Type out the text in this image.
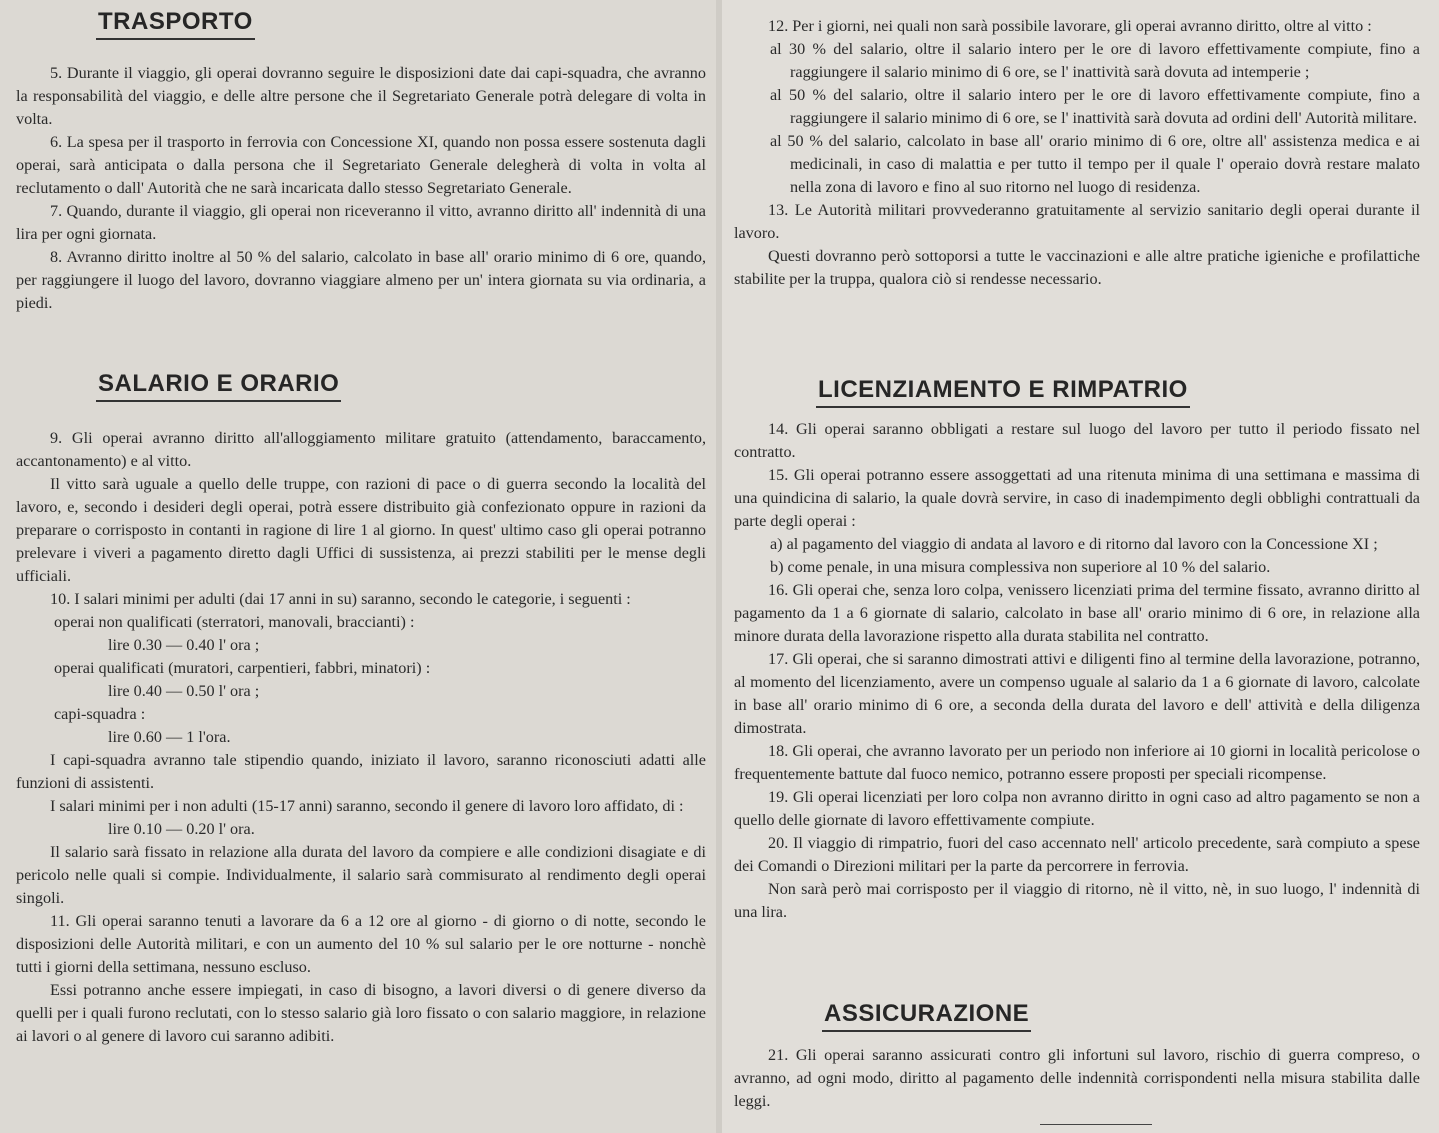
TRASPORTO

5. Durante il viaggio, gli operai dovranno seguire le disposizioni date dai capi-squadra, che avranno la responsabilità del viaggio, e delle altre persone che il Segretariato Generale potrà delegare di volta in volta.

6. La spesa per il trasporto in ferrovia con Concessione XI, quando non possa essere sostenuta dagli operai, sarà anticipata o dalla persona che il Segretariato Generale delegherà di volta in volta al reclutamento o dall' Autorità che ne sarà incaricata dallo stesso Segretariato Generale.

7. Quando, durante il viaggio, gli operai non riceveranno il vitto, avranno diritto all' indennità di una lira per ogni giornata.

8. Avranno diritto inoltre al 50 % del salario, calcolato in base all' orario minimo di 6 ore, quando, per raggiungere il luogo del lavoro, dovranno viaggiare almeno per un' intera giornata su via ordinaria, a piedi.

SALARIO E ORARIO

9. Gli operai avranno diritto all'alloggiamento militare gratuito (attendamento, baraccamento, accantonamento) e al vitto.

Il vitto sarà uguale a quello delle truppe, con razioni di pace o di guerra secondo la località del lavoro, e, secondo i desideri degli operai, potrà essere distribuito già confezionato oppure in razioni da preparare o corrisposto in contanti in ragione di lire 1 al giorno. In quest' ultimo caso gli operai potranno prelevare i viveri a pagamento diretto dagli Uffici di sussistenza, ai prezzi stabiliti per le mense degli ufficiali.

10. I salari minimi per adulti (dai 17 anni in su) saranno, secondo le categorie, i seguenti :

operai non qualificati (sterratori, manovali, braccianti) :

lire 0.30 — 0.40 l' ora ;

operai qualificati (muratori, carpentieri, fabbri, minatori) :

lire 0.40 — 0.50 l' ora ;

capi-squadra :

lire 0.60 — 1 l'ora.

I capi-squadra avranno tale stipendio quando, iniziato il lavoro, saranno riconosciuti adatti alle funzioni di assistenti.

I salari minimi per i non adulti (15-17 anni) saranno, secondo il genere di lavoro loro affidato, di :

lire 0.10 — 0.20 l' ora.

Il salario sarà fissato in relazione alla durata del lavoro da compiere e alle condizioni disagiate e di pericolo nelle quali si compie. Individualmente, il salario sarà commisurato al rendimento degli operai singoli.

11. Gli operai saranno tenuti a lavorare da 6 a 12 ore al giorno - di giorno o di notte, secondo le disposizioni delle Autorità militari, e con un aumento del 10 % sul salario per le ore notturne - nonchè tutti i giorni della settimana, nessuno escluso.

Essi potranno anche essere impiegati, in caso di bisogno, a lavori diversi o di genere diverso da quelli per i quali furono reclutati, con lo stesso salario già loro fissato o con salario maggiore, in relazione ai lavori o al genere di lavoro cui saranno adibiti.

12. Per i giorni, nei quali non sarà possibile lavorare, gli operai avranno diritto, oltre al vitto :

al 30 % del salario, oltre il salario intero per le ore di lavoro effettivamente compiute, fino a raggiungere il salario minimo di 6 ore, se l' inattività sarà dovuta ad intemperie ;

al 50 % del salario, oltre il salario intero per le ore di lavoro effettivamente compiute, fino a raggiungere il salario minimo di 6 ore, se l' inattività sarà dovuta ad ordini dell' Autorità militare.

al 50 % del salario, calcolato in base all' orario minimo di 6 ore, oltre all' assistenza medica e ai medicinali, in caso di malattia e per tutto il tempo per il quale l' operaio dovrà restare malato nella zona di lavoro e fino al suo ritorno nel luogo di residenza.

13. Le Autorità militari provvederanno gratuitamente al servizio sanitario degli operai durante il lavoro.

Questi dovranno però sottoporsi a tutte le vaccinazioni e alle altre pratiche igieniche e profilattiche stabilite per la truppa, qualora ciò si rendesse necessario.

LICENZIAMENTO E RIMPATRIO

14. Gli operai saranno obbligati a restare sul luogo del lavoro per tutto il periodo fissato nel contratto.

15. Gli operai potranno essere assoggettati ad una ritenuta minima di una settimana e massima di una quindicina di salario, la quale dovrà servire, in caso di inadempimento degli obblighi contrattuali da parte degli operai :

a) al pagamento del viaggio di andata al lavoro e di ritorno dal lavoro con la Concessione XI ;

b) come penale, in una misura complessiva non superiore al 10 % del salario.

16. Gli operai che, senza loro colpa, venissero licenziati prima del termine fissato, avranno diritto al pagamento da 1 a 6 giornate di salario, calcolato in base all' orario minimo di 6 ore, in relazione alla minore durata della lavorazione rispetto alla durata stabilita nel contratto.

17. Gli operai, che si saranno dimostrati attivi e diligenti fino al termine della lavorazione, potranno, al momento del licenziamento, avere un compenso uguale al salario da 1 a 6 giornate di lavoro, calcolate in base all' orario minimo di 6 ore, a seconda della durata del lavoro e dell' attività e della diligenza dimostrata.

18. Gli operai, che avranno lavorato per un periodo non inferiore ai 10 giorni in località pericolose o frequentemente battute dal fuoco nemico, potranno essere proposti per speciali ricompense.

19. Gli operai licenziati per loro colpa non avranno diritto in ogni caso ad altro pagamento se non a quello delle giornate di lavoro effettivamente compiute.

20. Il viaggio di rimpatrio, fuori del caso accennato nell' articolo precedente, sarà compiuto a spese dei Comandi o Direzioni militari per la parte da percorrere in ferrovia.

Non sarà però mai corrisposto per il viaggio di ritorno, nè il vitto, nè, in suo luogo, l' indennità di una lira.

ASSICURAZIONE

21. Gli operai saranno assicurati contro gli infortuni sul lavoro, rischio di guerra compreso, o avranno, ad ogni modo, diritto al pagamento delle indennità corrispondenti nella misura stabilita dalle leggi.
